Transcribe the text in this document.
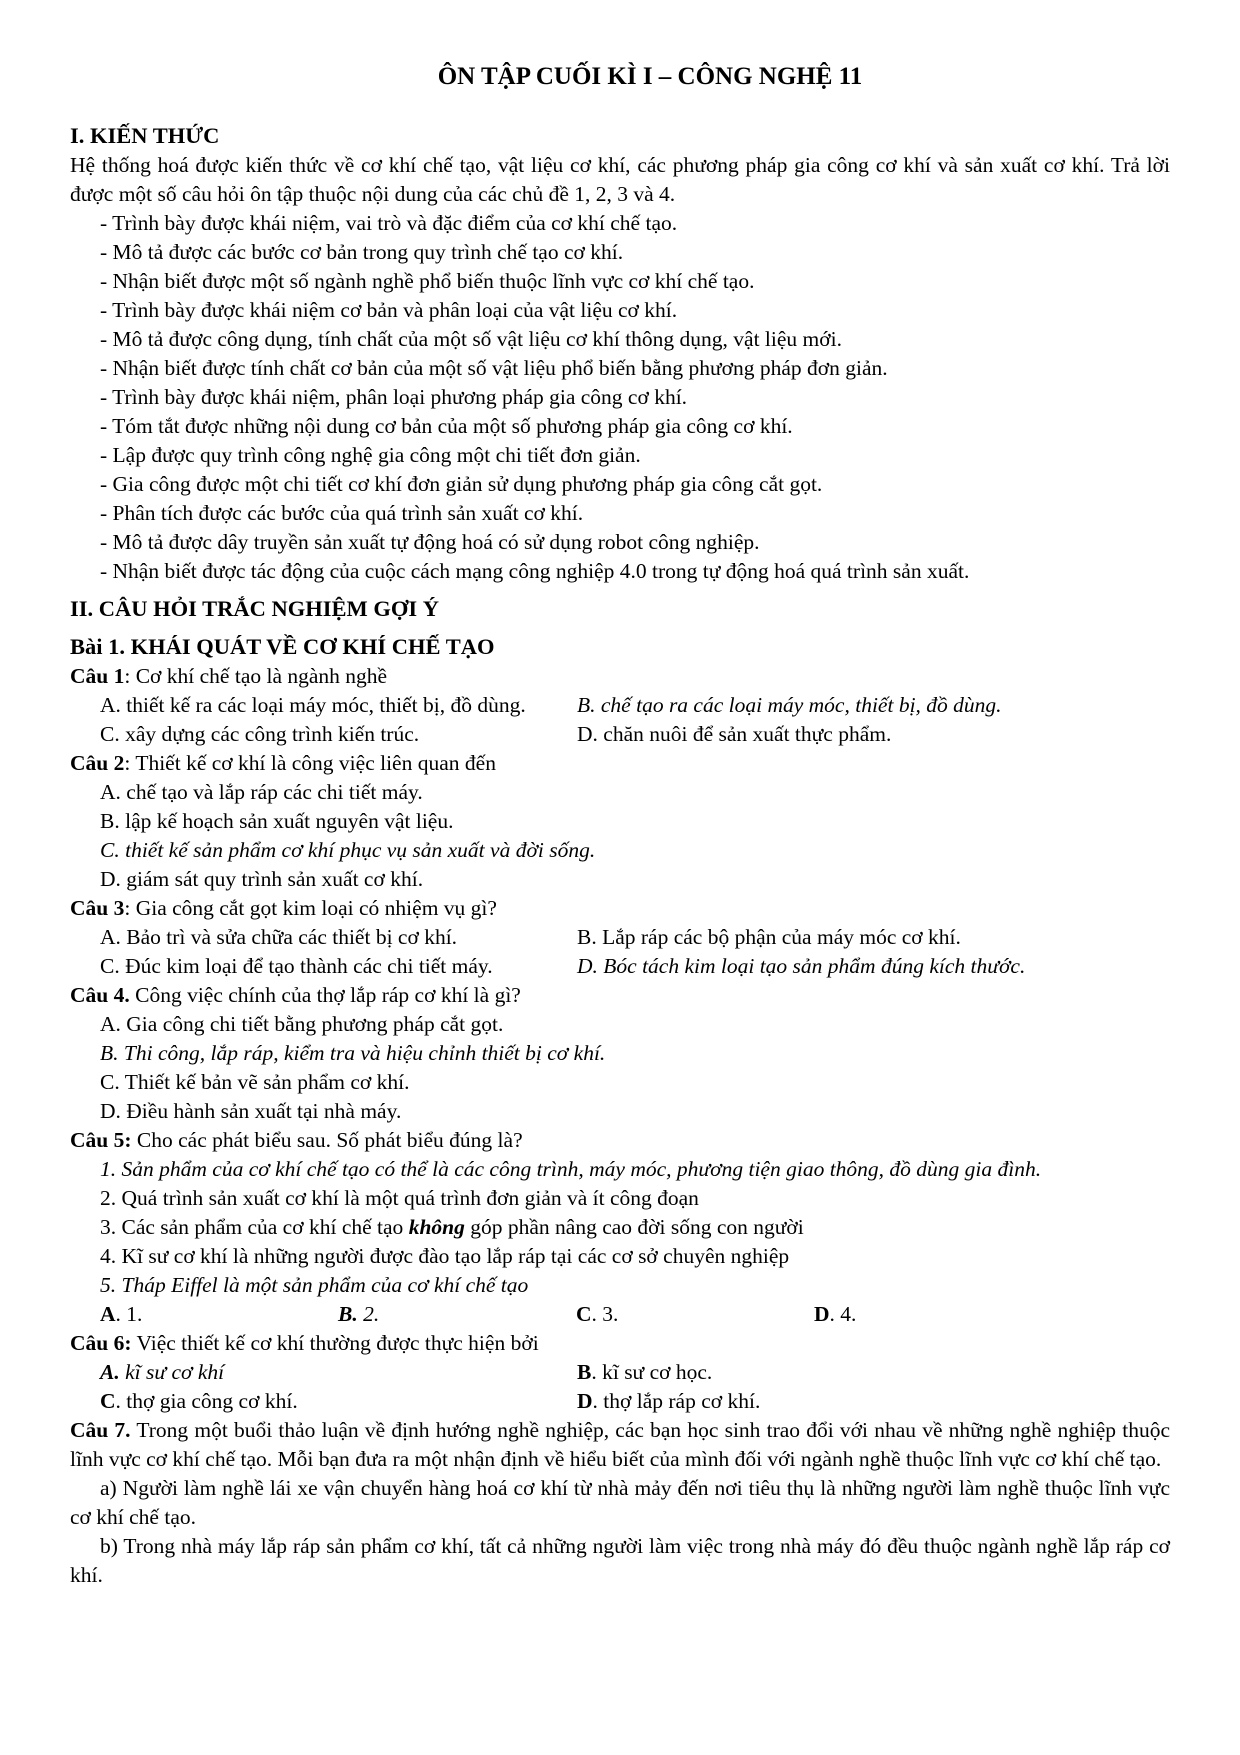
ÔN TẬP CUỐI KÌ I – CÔNG NGHỆ 11
I. KIẾN THỨC

Hệ thống hoá được kiến thức về cơ khí chế tạo, vật liệu cơ khí, các phương pháp gia công cơ khí và sản xuất cơ khí. Trả lời được một số câu hỏi ôn tập thuộc nội dung của các chủ đề 1, 2, 3 và 4.

- Trình bày được khái niệm, vai trò và đặc điểm của cơ khí chế tạo.
- Mô tả được các bước cơ bản trong quy trình chế tạo cơ khí.
- Nhận biết được một số ngành nghề phổ biến thuộc lĩnh vực cơ khí chế tạo.
- Trình bày được khái niệm cơ bản và phân loại của vật liệu cơ khí.
- Mô tả được công dụng, tính chất của một số vật liệu cơ khí thông dụng, vật liệu mới.
- Nhận biết được tính chất cơ bản của một số vật liệu phổ biến bằng phương pháp đơn giản.
- Trình bày được khái niệm, phân loại phương pháp gia công cơ khí.
- Tóm tắt được những nội dung cơ bản của một số phương pháp gia công cơ khí.
- Lập được quy trình công nghệ gia công một chi tiết đơn giản.
- Gia công được một chi tiết cơ khí đơn giản sử dụng phương pháp gia công cắt gọt.
- Phân tích được các bước của quá trình sản xuất cơ khí.
- Mô tả được dây truyền sản xuất tự động hoá có sử dụng robot công nghiệp.
- Nhận biết được tác động của cuộc cách mạng công nghiệp 4.0 trong tự động hoá quá trình sản xuất.
II. CÂU HỎI TRẮC NGHIỆM GỢI Ý
Bài 1. KHÁI QUÁT VỀ CƠ KHÍ CHẾ TẠO
Câu 1: Cơ khí chế tạo là ngành nghề
A. thiết kế ra các loại máy móc, thiết bị, đồ dùng.	B. chế tạo ra các loại máy móc, thiết bị, đồ dùng.
C. xây dựng các công trình kiến trúc.	D. chăn nuôi để sản xuất thực phẩm.
Câu 2: Thiết kế cơ khí là công việc liên quan đến
A. chế tạo và lắp ráp các chi tiết máy.
B. lập kế hoạch sản xuất nguyên vật liệu.
C. thiết kế sản phẩm cơ khí phục vụ sản xuất và đời sống.
D. giám sát quy trình sản xuất cơ khí.
Câu 3: Gia công cắt gọt kim loại có nhiệm vụ gì?
A. Bảo trì và sửa chữa các thiết bị cơ khí.	B. Lắp ráp các bộ phận của máy móc cơ khí.
C. Đúc kim loại để tạo thành các chi tiết máy.	D. Bóc tách kim loại tạo sản phẩm đúng kích thước.
Câu 4. Công việc chính của thợ lắp ráp cơ khí là gì?
A. Gia công chi tiết bằng phương pháp cắt gọt.
B. Thi công, lắp ráp, kiểm tra và hiệu chỉnh thiết bị cơ khí.
C. Thiết kế bản vẽ sản phẩm cơ khí.
D. Điều hành sản xuất tại nhà máy.
Câu 5: Cho các phát biểu sau. Số phát biểu đúng là?
1. Sản phẩm của cơ khí chế tạo có thể là các công trình, máy móc, phương tiện giao thông, đồ dùng gia đình.
2. Quá trình sản xuất cơ khí là một quá trình đơn giản và ít công đoạn
3. Các sản phẩm của cơ khí chế tạo không góp phần nâng cao đời sống con người
4. Kĩ sư cơ khí là những người được đào tạo lắp ráp tại các cơ sở chuyên nghiệp
5. Tháp Eiffel là một sản phẩm của cơ khí chế tạo
A. 1.	B. 2.	C. 3.	D. 4.
Câu 6: Việc thiết kế cơ khí thường được thực hiện bởi
A. kĩ sư cơ khí	B. kĩ sư cơ học.
C. thợ gia công cơ khí.	D. thợ lắp ráp cơ khí.

Câu 7. Trong một buổi thảo luận về định hướng nghề nghiệp, các bạn học sinh trao đổi với nhau về những nghề nghiệp thuộc lĩnh vực cơ khí chế tạo. Mỗi bạn đưa ra một nhận định về hiểu biết của mình đối với ngành nghề thuộc lĩnh vực cơ khí chế tạo.

a) Người làm nghề lái xe vận chuyển hàng hoá cơ khí từ nhà mảy đến nơi tiêu thụ là những người làm nghề thuộc lĩnh vực cơ khí chế tạo.

b) Trong nhà máy lắp ráp sản phẩm cơ khí, tất cả những người làm việc trong nhà máy đó đều thuộc ngành nghề lắp ráp cơ khí.
